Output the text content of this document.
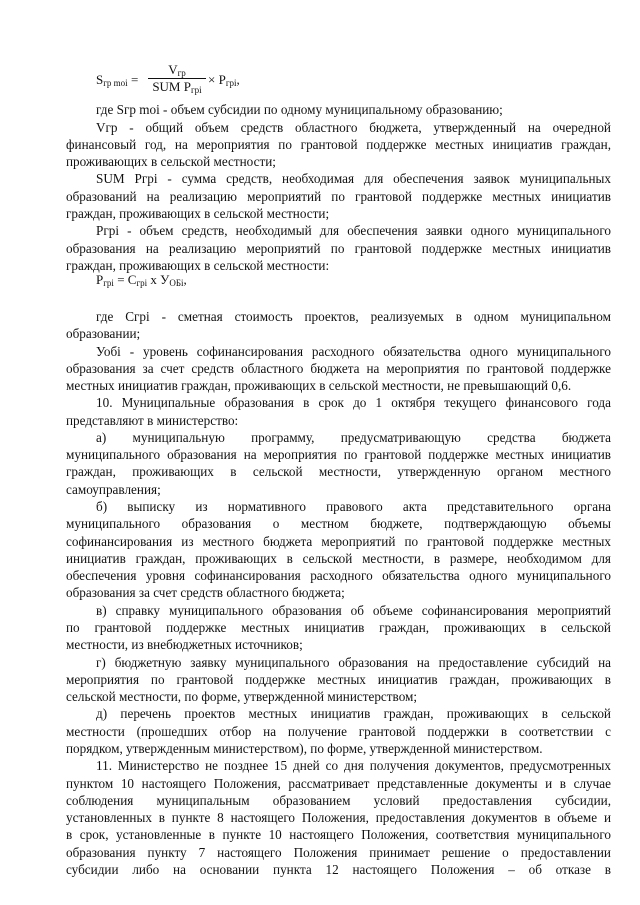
$S_{гр moi}$ =
$V_{гр}$
SUM $P_{гpi}$
× $P_{гpi}$,
где Sгр moi - объем субсидии по одному муниципальному образованию;
Vгр - общий объем средств областного бюджета, утвержденный на очередной
финансовый год, на мероприятия по грантовой поддержке местных инициатив граждан,
проживающих в сельской местности;
SUM Pгрi - сумма средств, необходимая для обеспечения заявок муниципальных
образований на реализацию мероприятий по грантовой поддержке местных инициатив
граждан, проживающих в сельской местности;
Pгрi - объем средств, необходимый для обеспечения заявки одного муниципального
образования на реализацию мероприятий по грантовой поддержке местных инициатив
граждан, проживающих в сельской местности:
$P_{гpi} = C_{гpi}$ x $У_{OБi}$,
где Cгрi - сметная стоимость проектов, реализуемых в одном муниципальном
образовании;
Уобi - уровень софинансирования расходного обязательства одного муниципального
образования за счет средств областного бюджета на мероприятия по грантовой поддержке
местных инициатив граждан, проживающих в сельской местности, не превышающий 0,6.
10. Муниципальные образования в срок до 1 октября текущего финансового года
представляют в министерство:
а) муниципальную программу, предусматривающую средства бюджета
муниципального образования на мероприятия по грантовой поддержке местных инициатив
граждан, проживающих в сельской местности, утвержденную органом местного
самоуправления;
б) выписку из нормативного правового акта представительного органа
муниципального образования о местном бюджете, подтверждающую объемы
софинансирования из местного бюджета мероприятий по грантовой поддержке местных
инициатив граждан, проживающих в сельской местности, в размере, необходимом для
обеспечения уровня софинансирования расходного обязательства одного муниципального
образования за счет средств областного бюджета;
в) справку муниципального образования об объеме софинансирования мероприятий
по грантовой поддержке местных инициатив граждан, проживающих в сельской
местности, из внебюджетных источников;
г) бюджетную заявку муниципального образования на предоставление субсидий на
мероприятия по грантовой поддержке местных инициатив граждан, проживающих в
сельской местности, по форме, утвержденной министерством;
д) перечень проектов местных инициатив граждан, проживающих в сельской
местности (прошедших отбор на получение грантовой поддержки в соответствии с
порядком, утвержденным министерством), по форме, утвержденной министерством.
11. Министерство не позднее 15 дней со дня получения документов, предусмотренных
пунктом 10 настоящего Положения, рассматривает представленные документы и в случае
соблюдения муниципальным образованием условий предоставления субсидии,
установленных в пункте 8 настоящего Положения, предоставления документов в объеме и
в срок, установленные в пункте 10 настоящего Положения, соответствия муниципального
образования пункту 7 настоящего Положения принимает решение о предоставлении
субсидии либо на основании пункта 12 настоящего Положения – об отказе в
